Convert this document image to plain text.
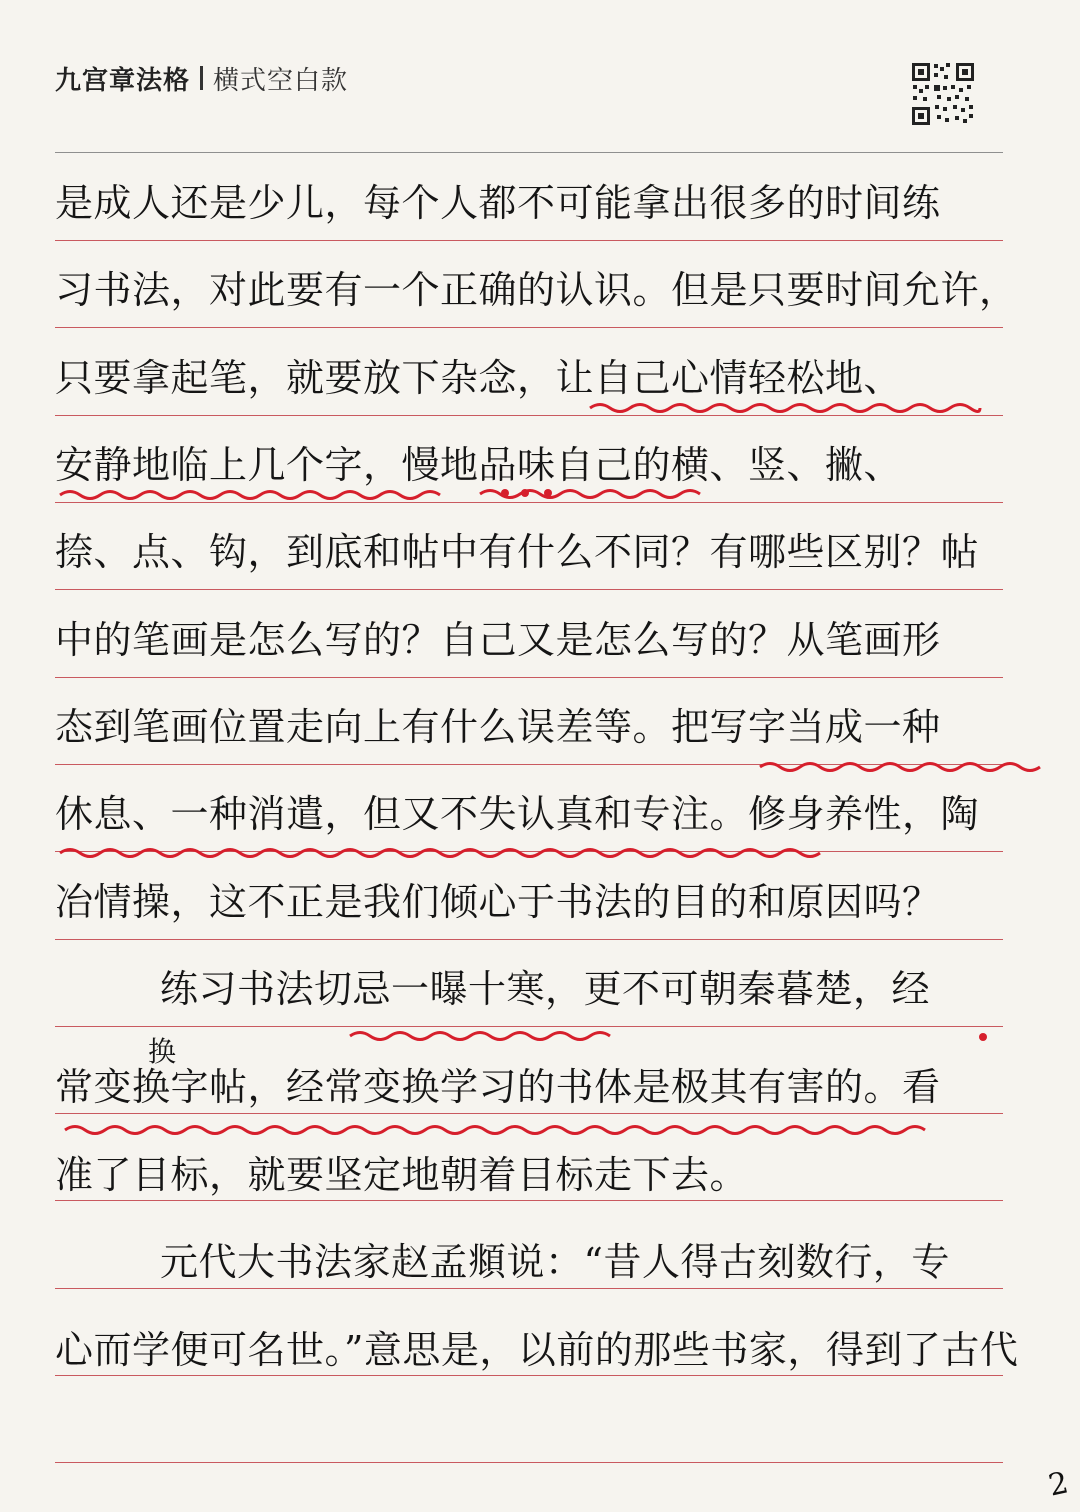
九宫章法格 横式空白款
是成人还是少儿，每个人都不可能拿出很多的时间练
习书法，对此要有一个正确的认识。但是只要时间允许，
只要拿起笔，就要放下杂念，让自己心情轻松地、
安静地临上几个字，慢地品味自己的横、竖、撇、
捺、点、钩，到底和帖中有什么不同？有哪些区别？帖
中的笔画是怎么写的？自己又是怎么写的？从笔画形
态到笔画位置走向上有什么误差等。把写字当成一种
休息、一种消遣，但又不失认真和专注。修身养性，陶
冶情操，这不正是我们倾心于书法的目的和原因吗？
练习书法切忌一曝十寒，更不可朝秦暮楚，经
常变换字帖，经常变换学习的书体是极其有害的。看
准了目标，就要坚定地朝着目标走下去。
元代大书法家赵孟頫说：“昔人得古刻数行，专
心而学便可名世。”意思是，以前的那些书家，得到了古代
换
2
